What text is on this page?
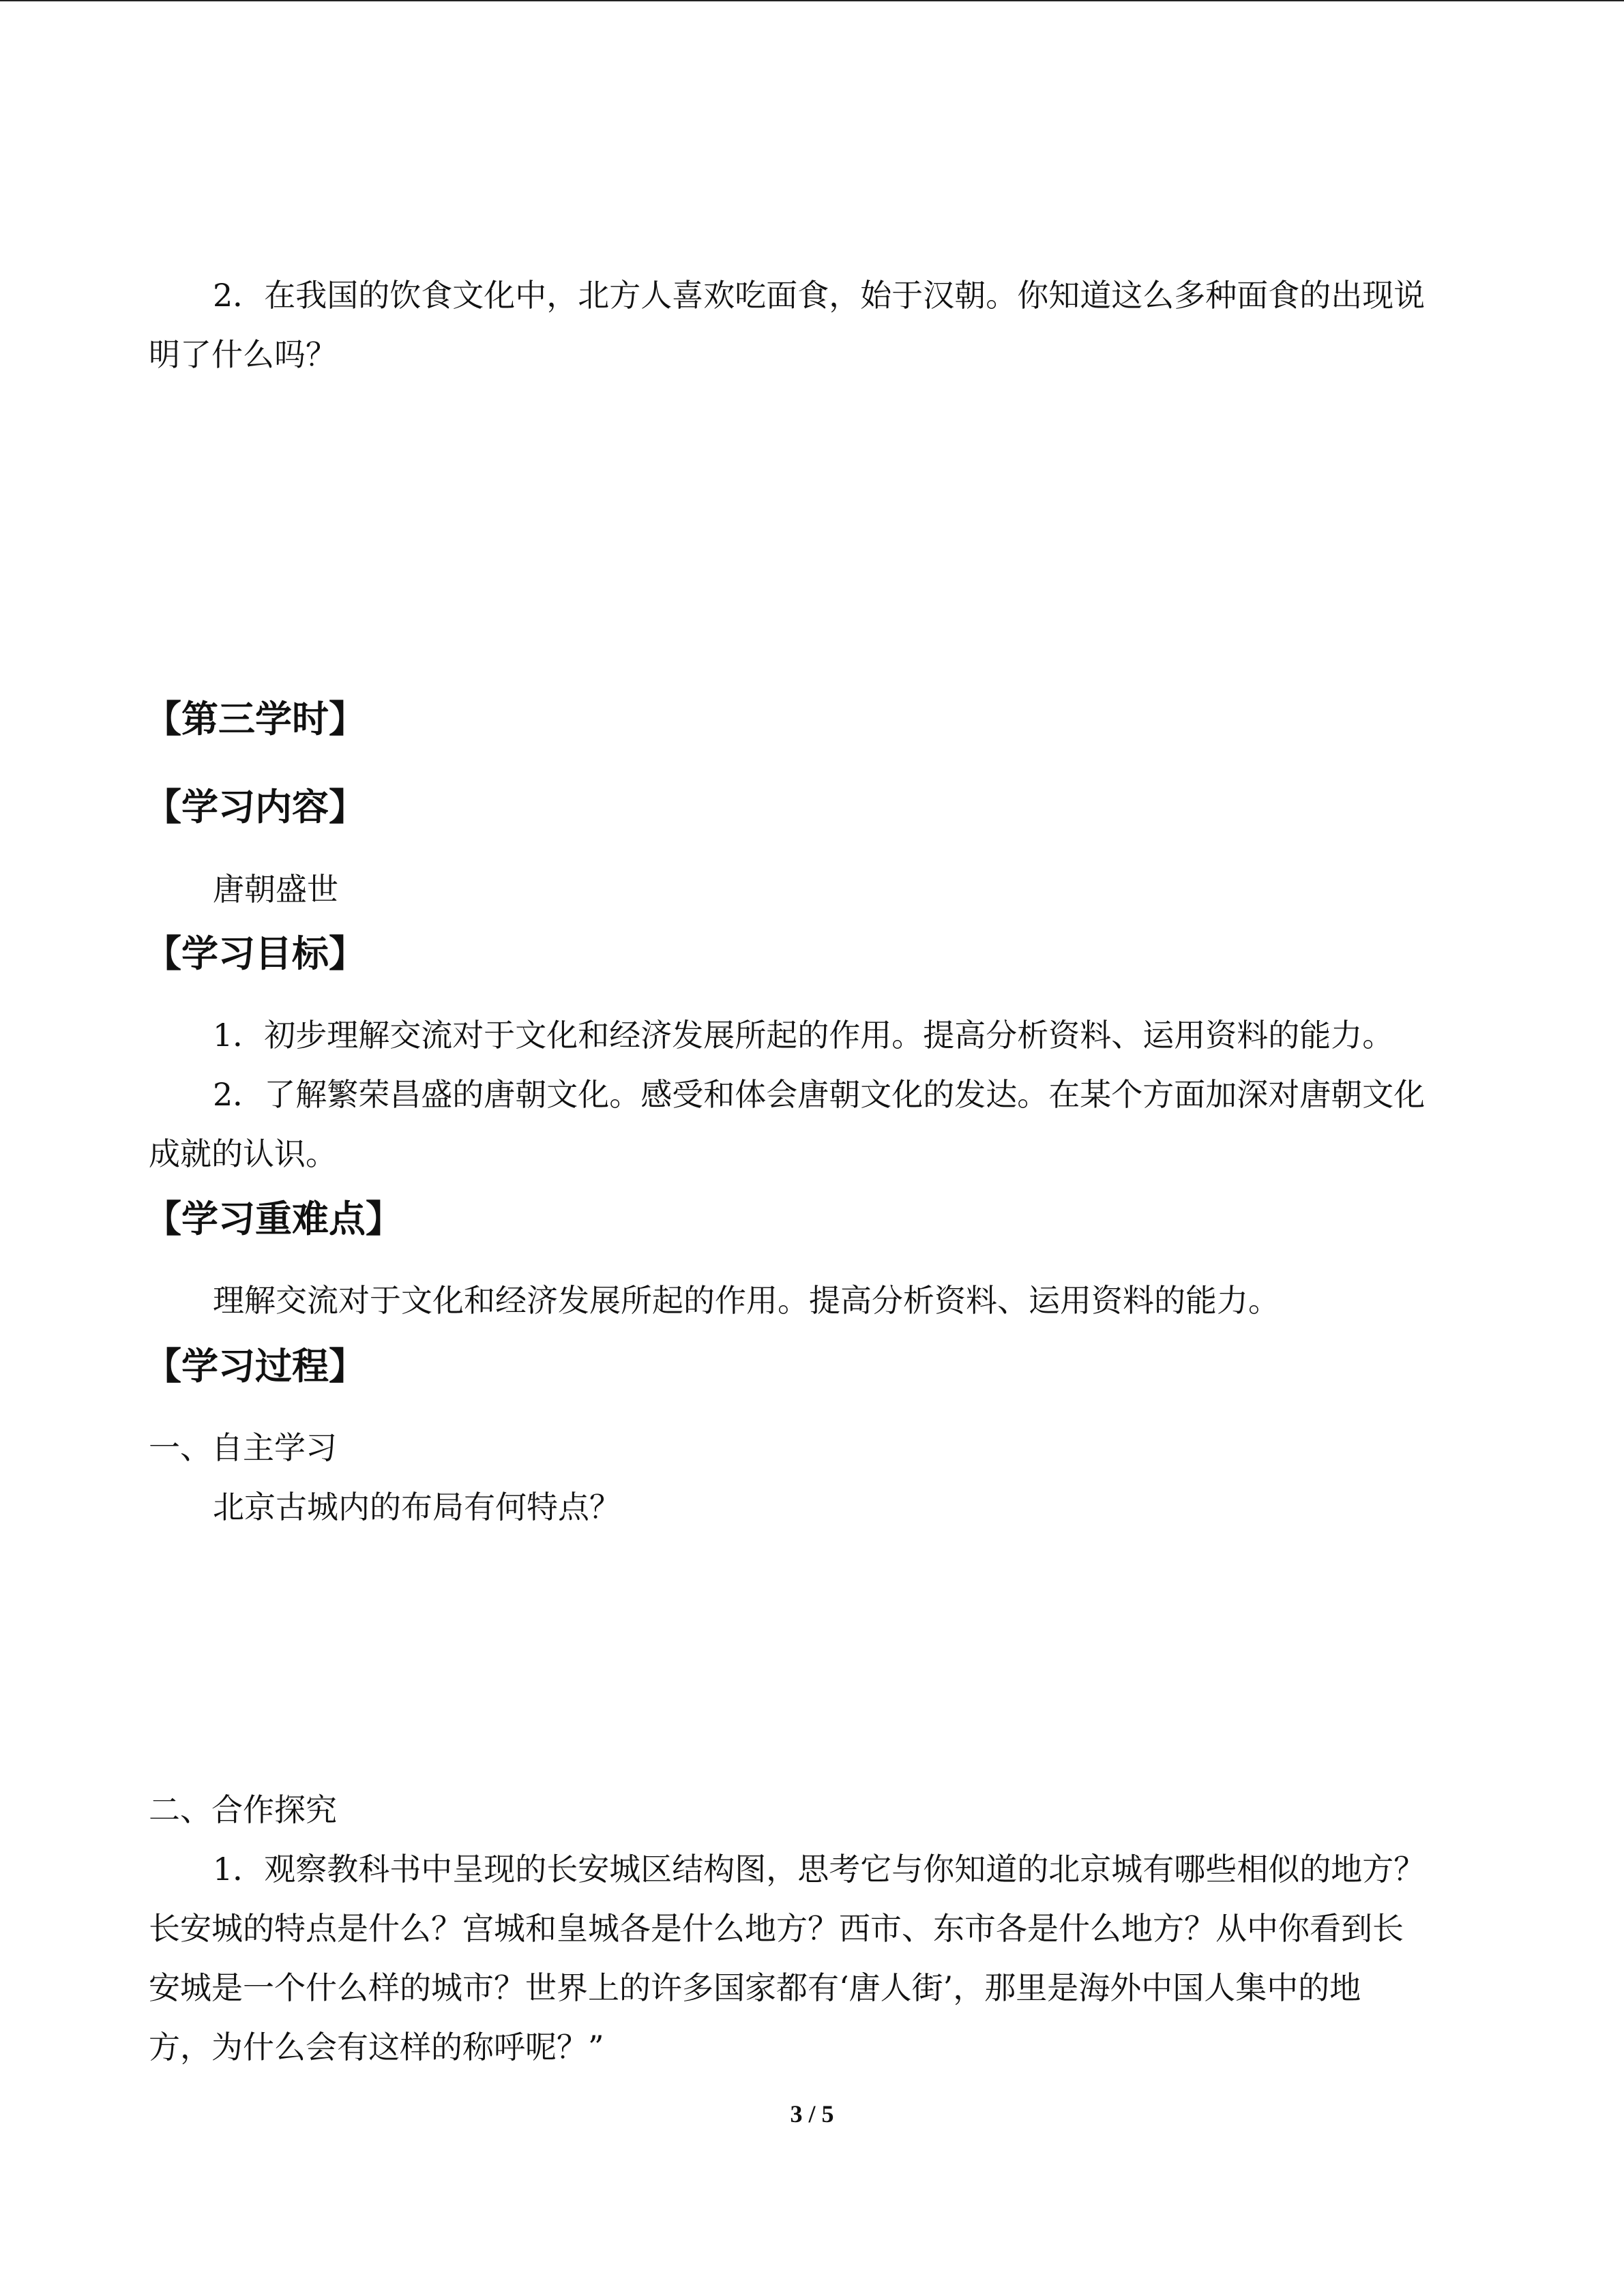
2．在我国的饮食文化中，北方人喜欢吃面食，始于汉朝。你知道这么多种面食的出现说
明了什么吗？
【第三学时】
【学习内容】
唐朝盛世
【学习目标】
1．初步理解交流对于文化和经济发展所起的作用。提高分析资料、运用资料的能力。
2．了解繁荣昌盛的唐朝文化。感受和体会唐朝文化的发达。在某个方面加深对唐朝文化
成就的认识。
【学习重难点】
理解交流对于文化和经济发展所起的作用。提高分析资料、运用资料的能力。
【学习过程】
一、自主学习
北京古城内的布局有何特点？
二、合作探究
1．观察教科书中呈现的长安城区结构图，思考它与你知道的北京城有哪些相似的地方？
长安城的特点是什么？宫城和皇城各是什么地方？西市、东市各是什么地方？从中你看到长
安城是一个什么样的城市？世界上的许多国家都有‘唐人街’，那里是海外中国人集中的地
方，为什么会有这样的称呼呢？”
3 / 5
